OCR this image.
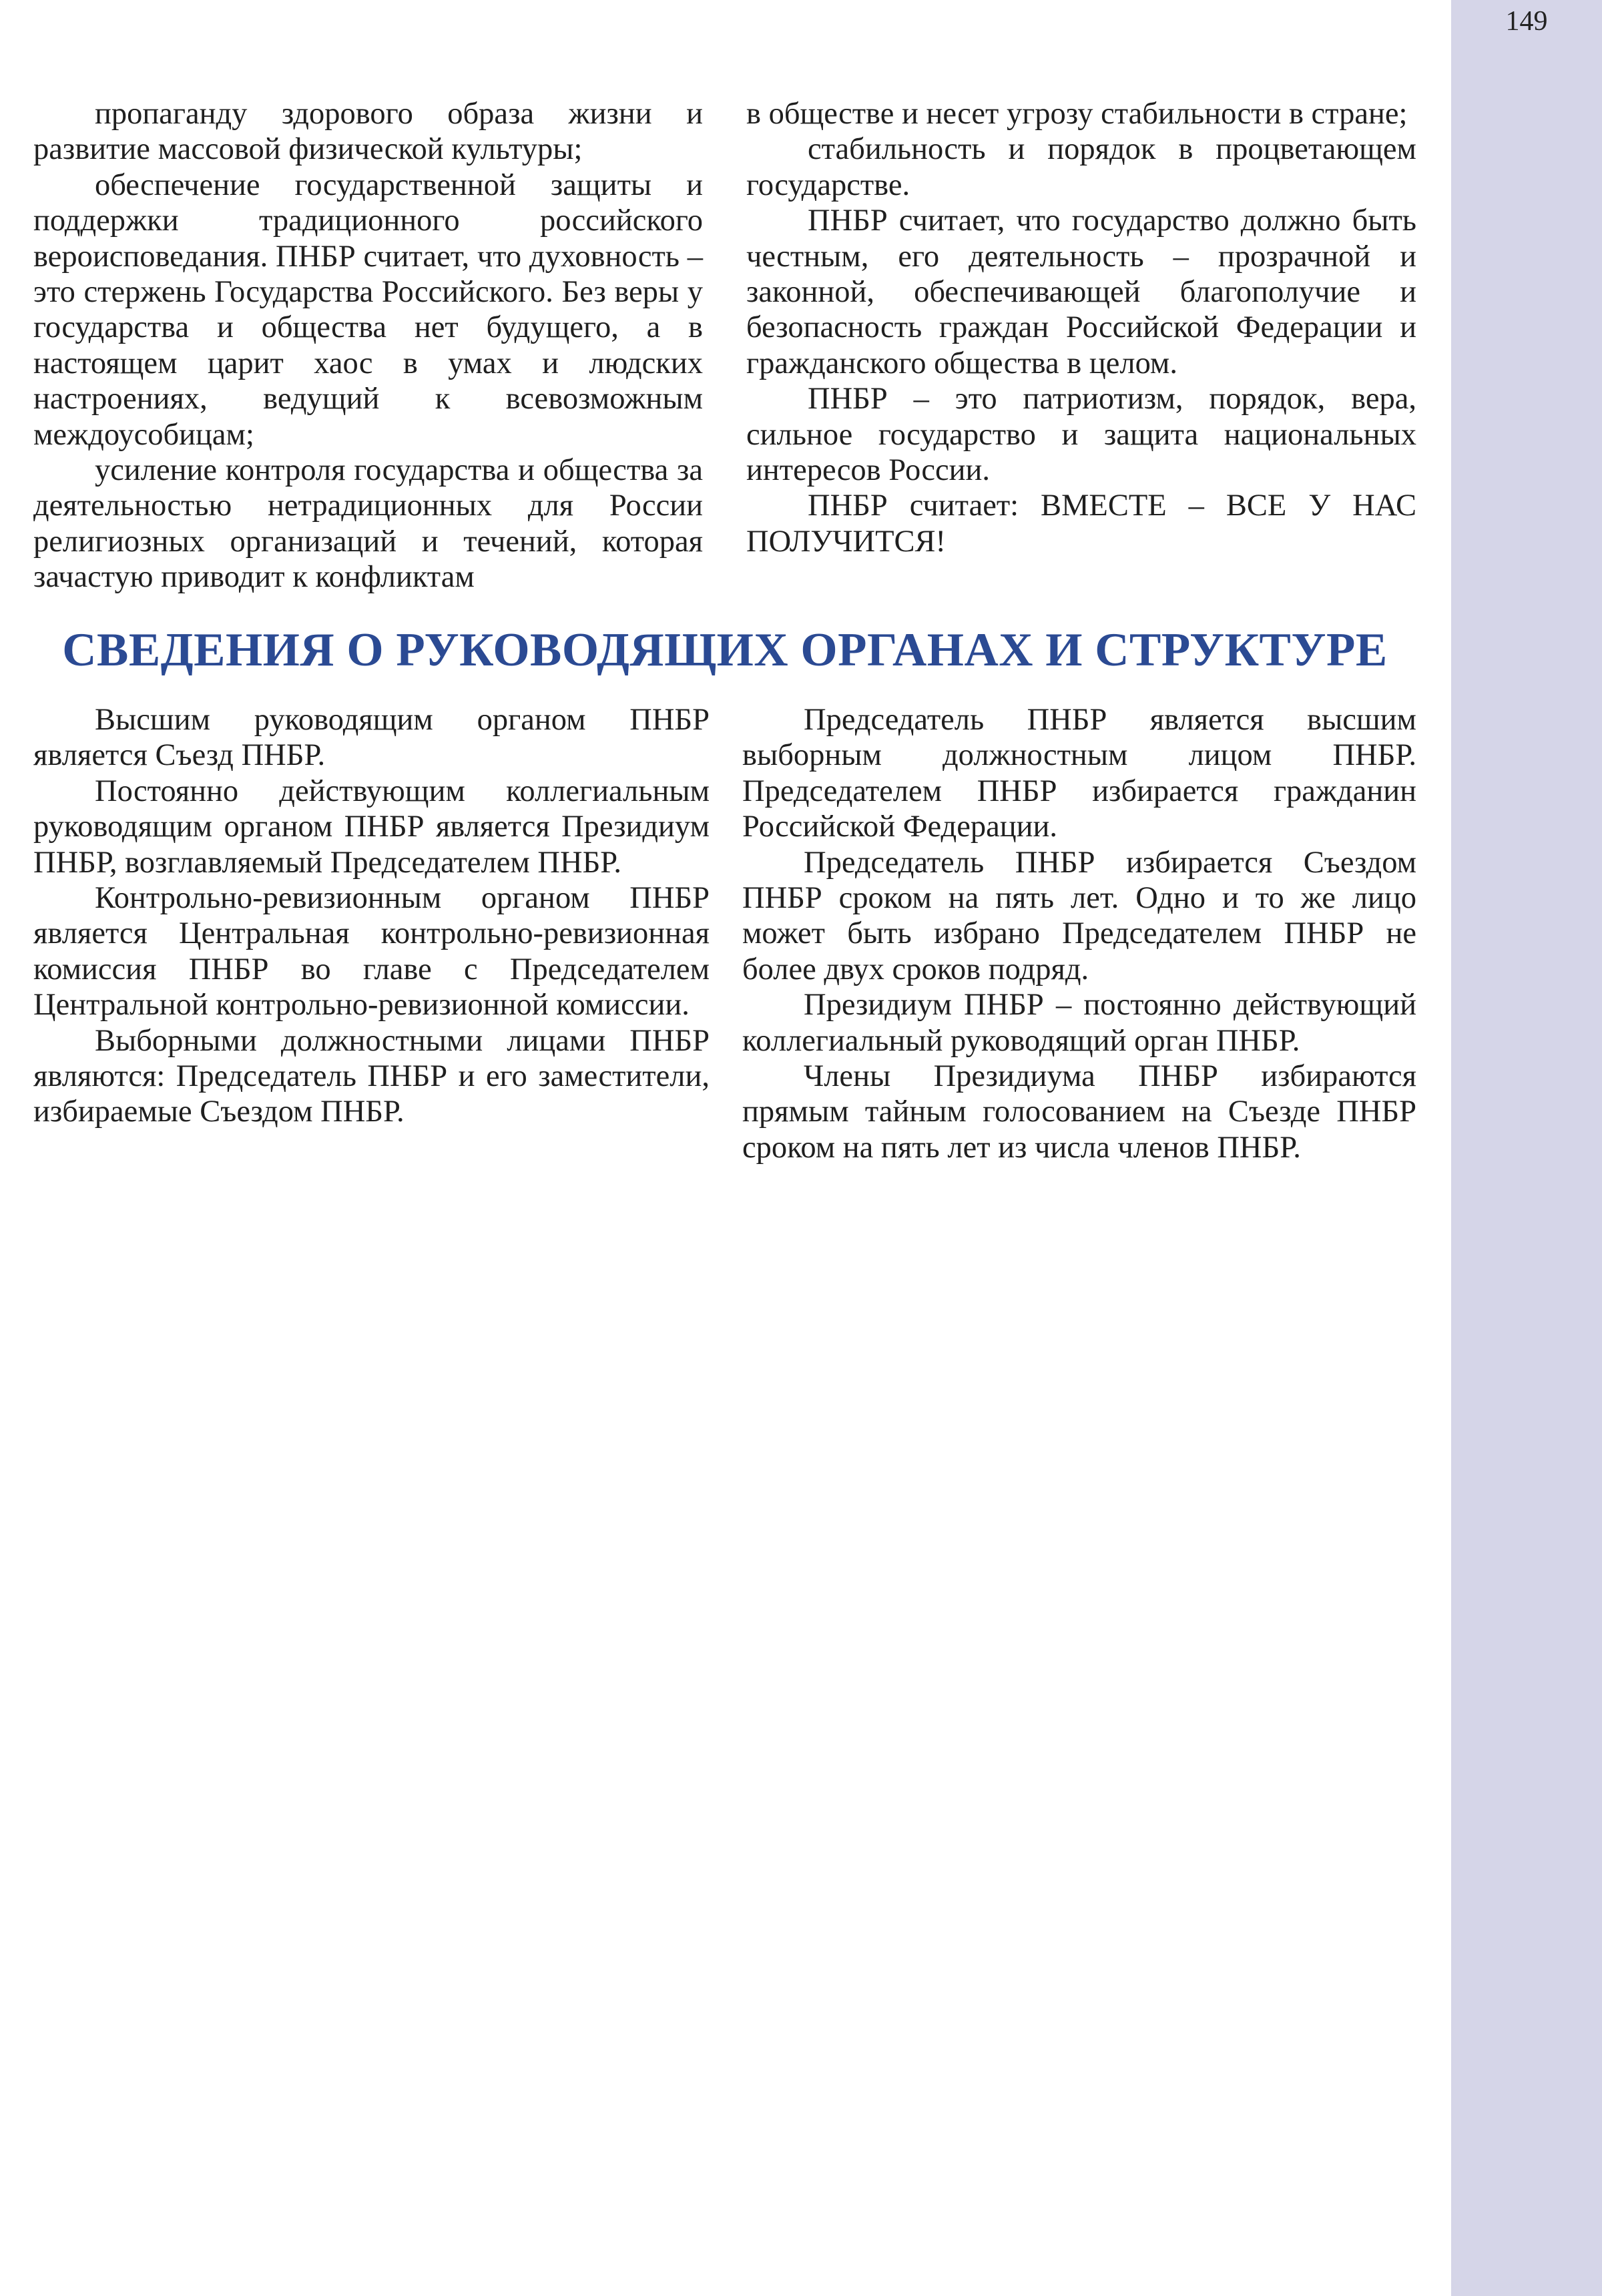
149

пропаганду здорового образа жизни и развитие массовой физической культуры;

обеспечение государственной защиты и поддержки традиционного российского вероисповедания. ПНБР считает, что духовность – это стержень Государства Российского. Без веры у государства и общества нет будущего, а в настоящем царит хаос в умах и людских настроениях, ведущий к всевозможным междоусобицам;

усиление контроля государства и общества за деятельностью нетрадиционных для России религиозных организаций и течений, которая зачастую приводит к конфликтам

в обществе и несет угрозу стабильности в стране;

стабильность и порядок в процветающем государстве.

ПНБР считает, что государство должно быть честным, его деятельность – прозрачной и законной, обеспечивающей благополучие и безопасность граждан Российской Федерации и гражданского общества в целом.

ПНБР – это патриотизм, порядок, вера, сильное государство и защита национальных интересов России.

ПНБР считает: ВМЕСТЕ – ВСЕ У НАС ПОЛУЧИТСЯ!

СВЕДЕНИЯ О РУКОВОДЯЩИХ ОРГАНАХ И СТРУКТУРЕ

Высшим руководящим органом ПНБР является Съезд ПНБР.

Постоянно действующим коллегиальным руководящим органом ПНБР является Президиум ПНБР, возглавляемый Председателем ПНБР.

Контрольно-ревизионным органом ПНБР является Центральная контрольно-ревизионная комиссия ПНБР во главе с Председателем Центральной контрольно-ревизионной комиссии.

Выборными должностными лицами ПНБР являются: Председатель ПНБР и его заместители, избираемые Съездом ПНБР.

Председатель ПНБР является высшим выборным должностным лицом ПНБР. Председателем ПНБР избирается гражданин Российской Федерации.

Председатель ПНБР избирается Съездом ПНБР сроком на пять лет. Одно и то же лицо может быть избрано Председателем ПНБР не более двух сроков подряд.

Президиум ПНБР – постоянно действующий коллегиальный руководящий орган ПНБР.

Члены Президиума ПНБР избираются прямым тайным голосованием на Съезде ПНБР сроком на пять лет из числа членов ПНБР.
